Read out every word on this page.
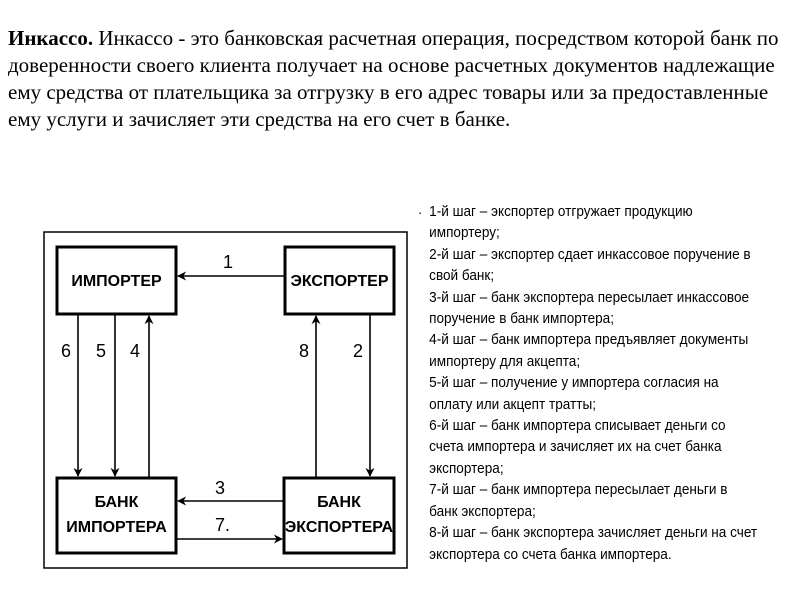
Инкассо. Инкассо - это банковская расчетная операция, посредством которой банк по доверенности своего клиента получает на основе расчетных документов надлежащие ему средства от плательщика за отгрузку в его адрес товары или за предоставленные ему услуги и зачисляет эти средства на его счет в банке.

ИМПОРТЕР	ЭКСПОРТЕР
БАНК
ИМПОРТЕРА
БАНК
ЭКСПОРТЕРА
1
6 5 4	8 2
3
7.
· 1-й шаг – экспортер отгружает продукцию импортеру;
2-й шаг – экспортер сдает инкассовое поручение в свой банк;
3-й шаг – банк экспортера пересылает инкассовое поручение в банк импортера;
4-й шаг – банк импортера предъявляет документы импортеру для акцепта;
5-й шаг – получение у импортера согласия на оплату или акцепт тратты;
6-й шаг – банк импортера списывает деньги со счета импортера и зачисляет их на счет банка экспортера;
7-й шаг – банк импортера пересылает деньги в банк экспортера;
8-й шаг – банк экспортера зачисляет деньги на счет экспортера со счета банка импортера.
